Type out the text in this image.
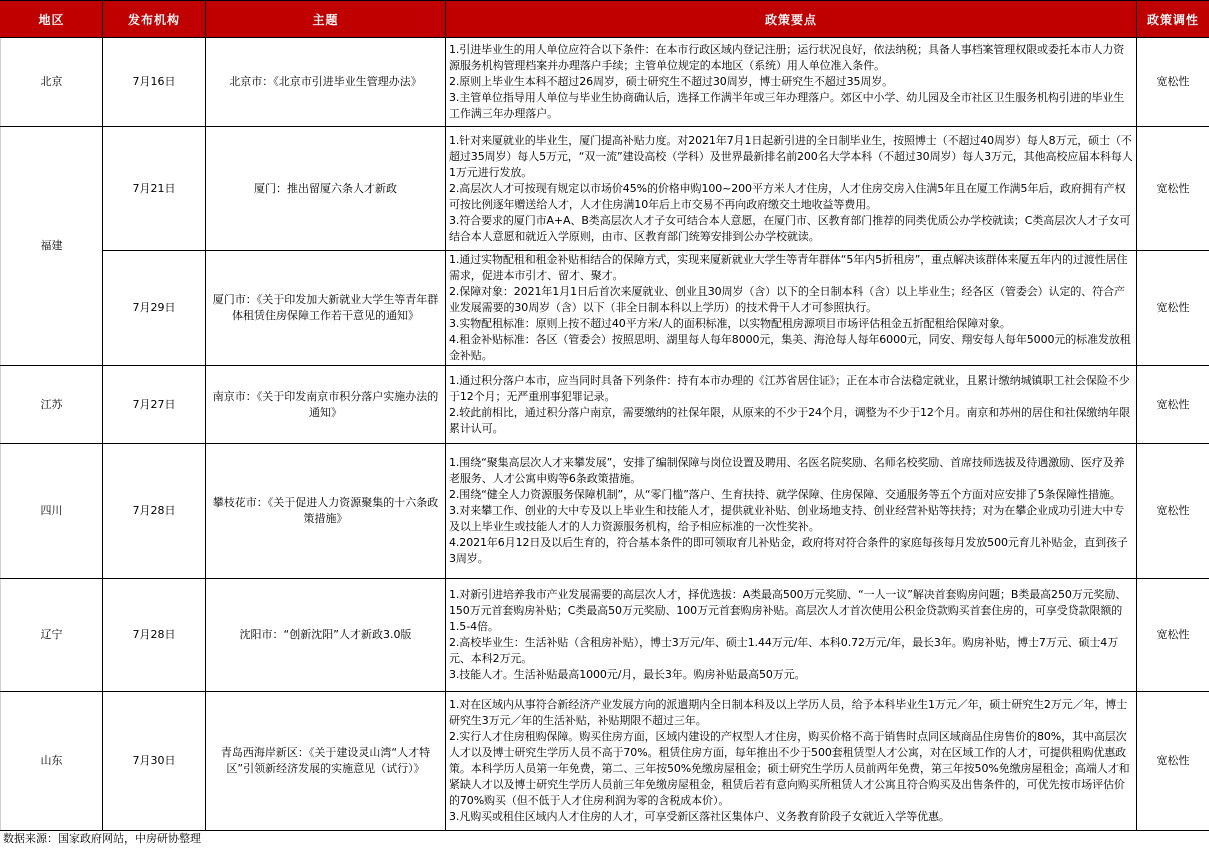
地区	发布机构	主题	政策要点	政策调性
北京	7月16日	北京市：《北京市引进毕业生管理办法》	1.引进毕业生的用人单位应符合以下条件：在本市行政区域内登记注册；运行状况良好，依法纳税；具备人事档案管理权限或委托本市人力资源服务机构管理档案并办理落户手续；主管单位规定的本地区（系统）用人单位准入条件。
2.原则上毕业生本科不超过26周岁，硕士研究生不超过30周岁，博士研究生不超过35周岁。
3.主管单位指导用人单位与毕业生协商确认后，选择工作满半年或三年办理落户。郊区中小学、幼儿园及全市社区卫生服务机构引进的毕业生工作满三年办理落户。	宽松性
福建	7月21日	厦门：推出留厦六条人才新政	1.针对来厦就业的毕业生，厦门提高补贴力度。对2021年7月1日起新引进的全日制毕业生，按照博士（不超过40周岁）每人8万元，硕士（不超过35周岁）每人5万元，“双一流”建设高校（学科）及世界最新排名前200名大学本科（不超过30周岁）每人3万元，其他高校应届本科每人1万元进行发放。
2.高层次人才可按现有规定以市场价45%的价格申购100~200平方米人才住房，人才住房交房入住满5年且在厦工作满5年后，政府拥有产权可按比例逐年赠送给人才，人才住房满10年后上市交易不再向政府缴交土地收益等费用。
3.符合要求的厦门市A+A、B类高层次人才子女可结合本人意愿，在厦门市、区教育部门推荐的同类优质公办学校就读；C类高层次人才子女可结合本人意愿和就近入学原则，由市、区教育部门统筹安排到公办学校就读。	宽松性
	7月29日	厦门市：《关于印发加大新就业大学生等青年群体租赁住房保障工作若干意见的通知》	1.通过实物配租和租金补贴相结合的保障方式，实现来厦新就业大学生等青年群体“5年内5折租房”，重点解决该群体来厦五年内的过渡性居住需求，促进本市引才、留才、聚才。
2.保障对象：2021年1月1日后首次来厦就业、创业且30周岁（含）以下的全日制本科（含）以上毕业生；经各区（管委会）认定的、符合产业发展需要的30周岁（含）以下（非全日制本科以上学历）的技术骨干人才可参照执行。
3.实物配租标准：原则上按不超过40平方米/人的面积标准，以实物配租房源项目市场评估租金五折配租给保障对象。
4.租金补贴标准：各区（管委会）按照思明、湖里每人每年8000元，集美、海沧每人每年6000元，同安、翔安每人每年5000元的标准发放租金补贴。	宽松性
江苏	7月27日	南京市：《关于印发南京市积分落户实施办法的通知》	1.通过积分落户本市，应当同时具备下列条件：持有本市办理的《江苏省居住证》；正在本市合法稳定就业，且累计缴纳城镇职工社会保险不少于12个月；无严重刑事犯罪记录。
2.较此前相比，通过积分落户南京，需要缴纳的社保年限，从原来的不少于24个月，调整为不少于12个月。南京和苏州的居住和社保缴纳年限累计认可。	宽松性
四川	7月28日	攀枝花市：《关于促进人力资源聚集的十六条政策措施》	1.围绕“聚集高层次人才来攀发展”，安排了编制保障与岗位设置及聘用、名医名院奖励、名师名校奖励、首席技师选拔及待遇激励、医疗及养老服务、人才公寓申购等6条政策措施。
2.围绕“健全人力资源服务保障机制”，从“零门槛”落户、生育扶持、就学保障、住房保障、交通服务等五个方面对应安排了5条保障性措施。
3.对来攀工作、创业的大中专及以上毕业生和技能人才，提供就业补贴、创业场地支持、创业经营补贴等扶持；对为在攀企业成功引进大中专及以上毕业生或技能人才的人力资源服务机构，给予相应标准的一次性奖补。
4.2021年6月12日及以后生育的，符合基本条件的即可领取育儿补贴金，政府将对符合条件的家庭每孩每月发放500元育儿补贴金，直到孩子3周岁。	宽松性
辽宁	7月28日	沈阳市：“创新沈阳”人才新政3.0版	1.对新引进培养我市产业发展需要的高层次人才，择优选拔：A类最高500万元奖励、“一人一议”解决首套购房问题；B类最高250万元奖励、150万元首套购房补贴；C类最高50万元奖励、100万元首套购房补贴。高层次人才首次使用公积金贷款购买首套住房的，可享受贷款限额的1.5-4倍。
2.高校毕业生：生活补贴（含租房补贴），博士3万元/年、硕士1.44万元/年、本科0.72万元/年，最长3年。购房补贴，博士7万元、硕士4万元、本科2万元。
3.技能人才。生活补贴最高1000元/月，最长3年。购房补贴最高50万元。	宽松性
山东	7月30日	青岛西海岸新区：《关于建设灵山湾“人才特区”引领新经济发展的实施意见（试行）》	1.对在区域内从事符合新经济产业发展方向的派遣期内全日制本科及以上学历人员，给予本科毕业生1万元／年，硕士研究生2万元／年，博士研究生3万元／年的生活补贴，补贴期限不超过三年。
2.实行人才住房租购保障。购买住房方面，区域内建设的产权型人才住房，购买价格不高于销售时点同区域商品住房售价的80%，其中高层次人才以及博士研究生学历人员不高于70%。租赁住房方面，每年推出不少于500套租赁型人才公寓，对在区域工作的人才，可提供租购优惠政策。本科学历人员第一年免费，第二、三年按50%免缴房屋租金；硕士研究生学历人员前两年免费，第三年按50%免缴房屋租金；高端人才和紧缺人才以及博士研究生学历人员前三年免缴房屋租金，租赁后若有意向购买所租赁人才公寓且符合购买及出售条件的，可优先按市场评估价的70%购买（但不低于人才住房利润为零的含税成本价）。
3.凡购买或租住区域内人才住房的人才，可享受新区落社区集体户、义务教育阶段子女就近入学等优惠。	宽松性
数据来源：国家政府网站，中房研协整理
